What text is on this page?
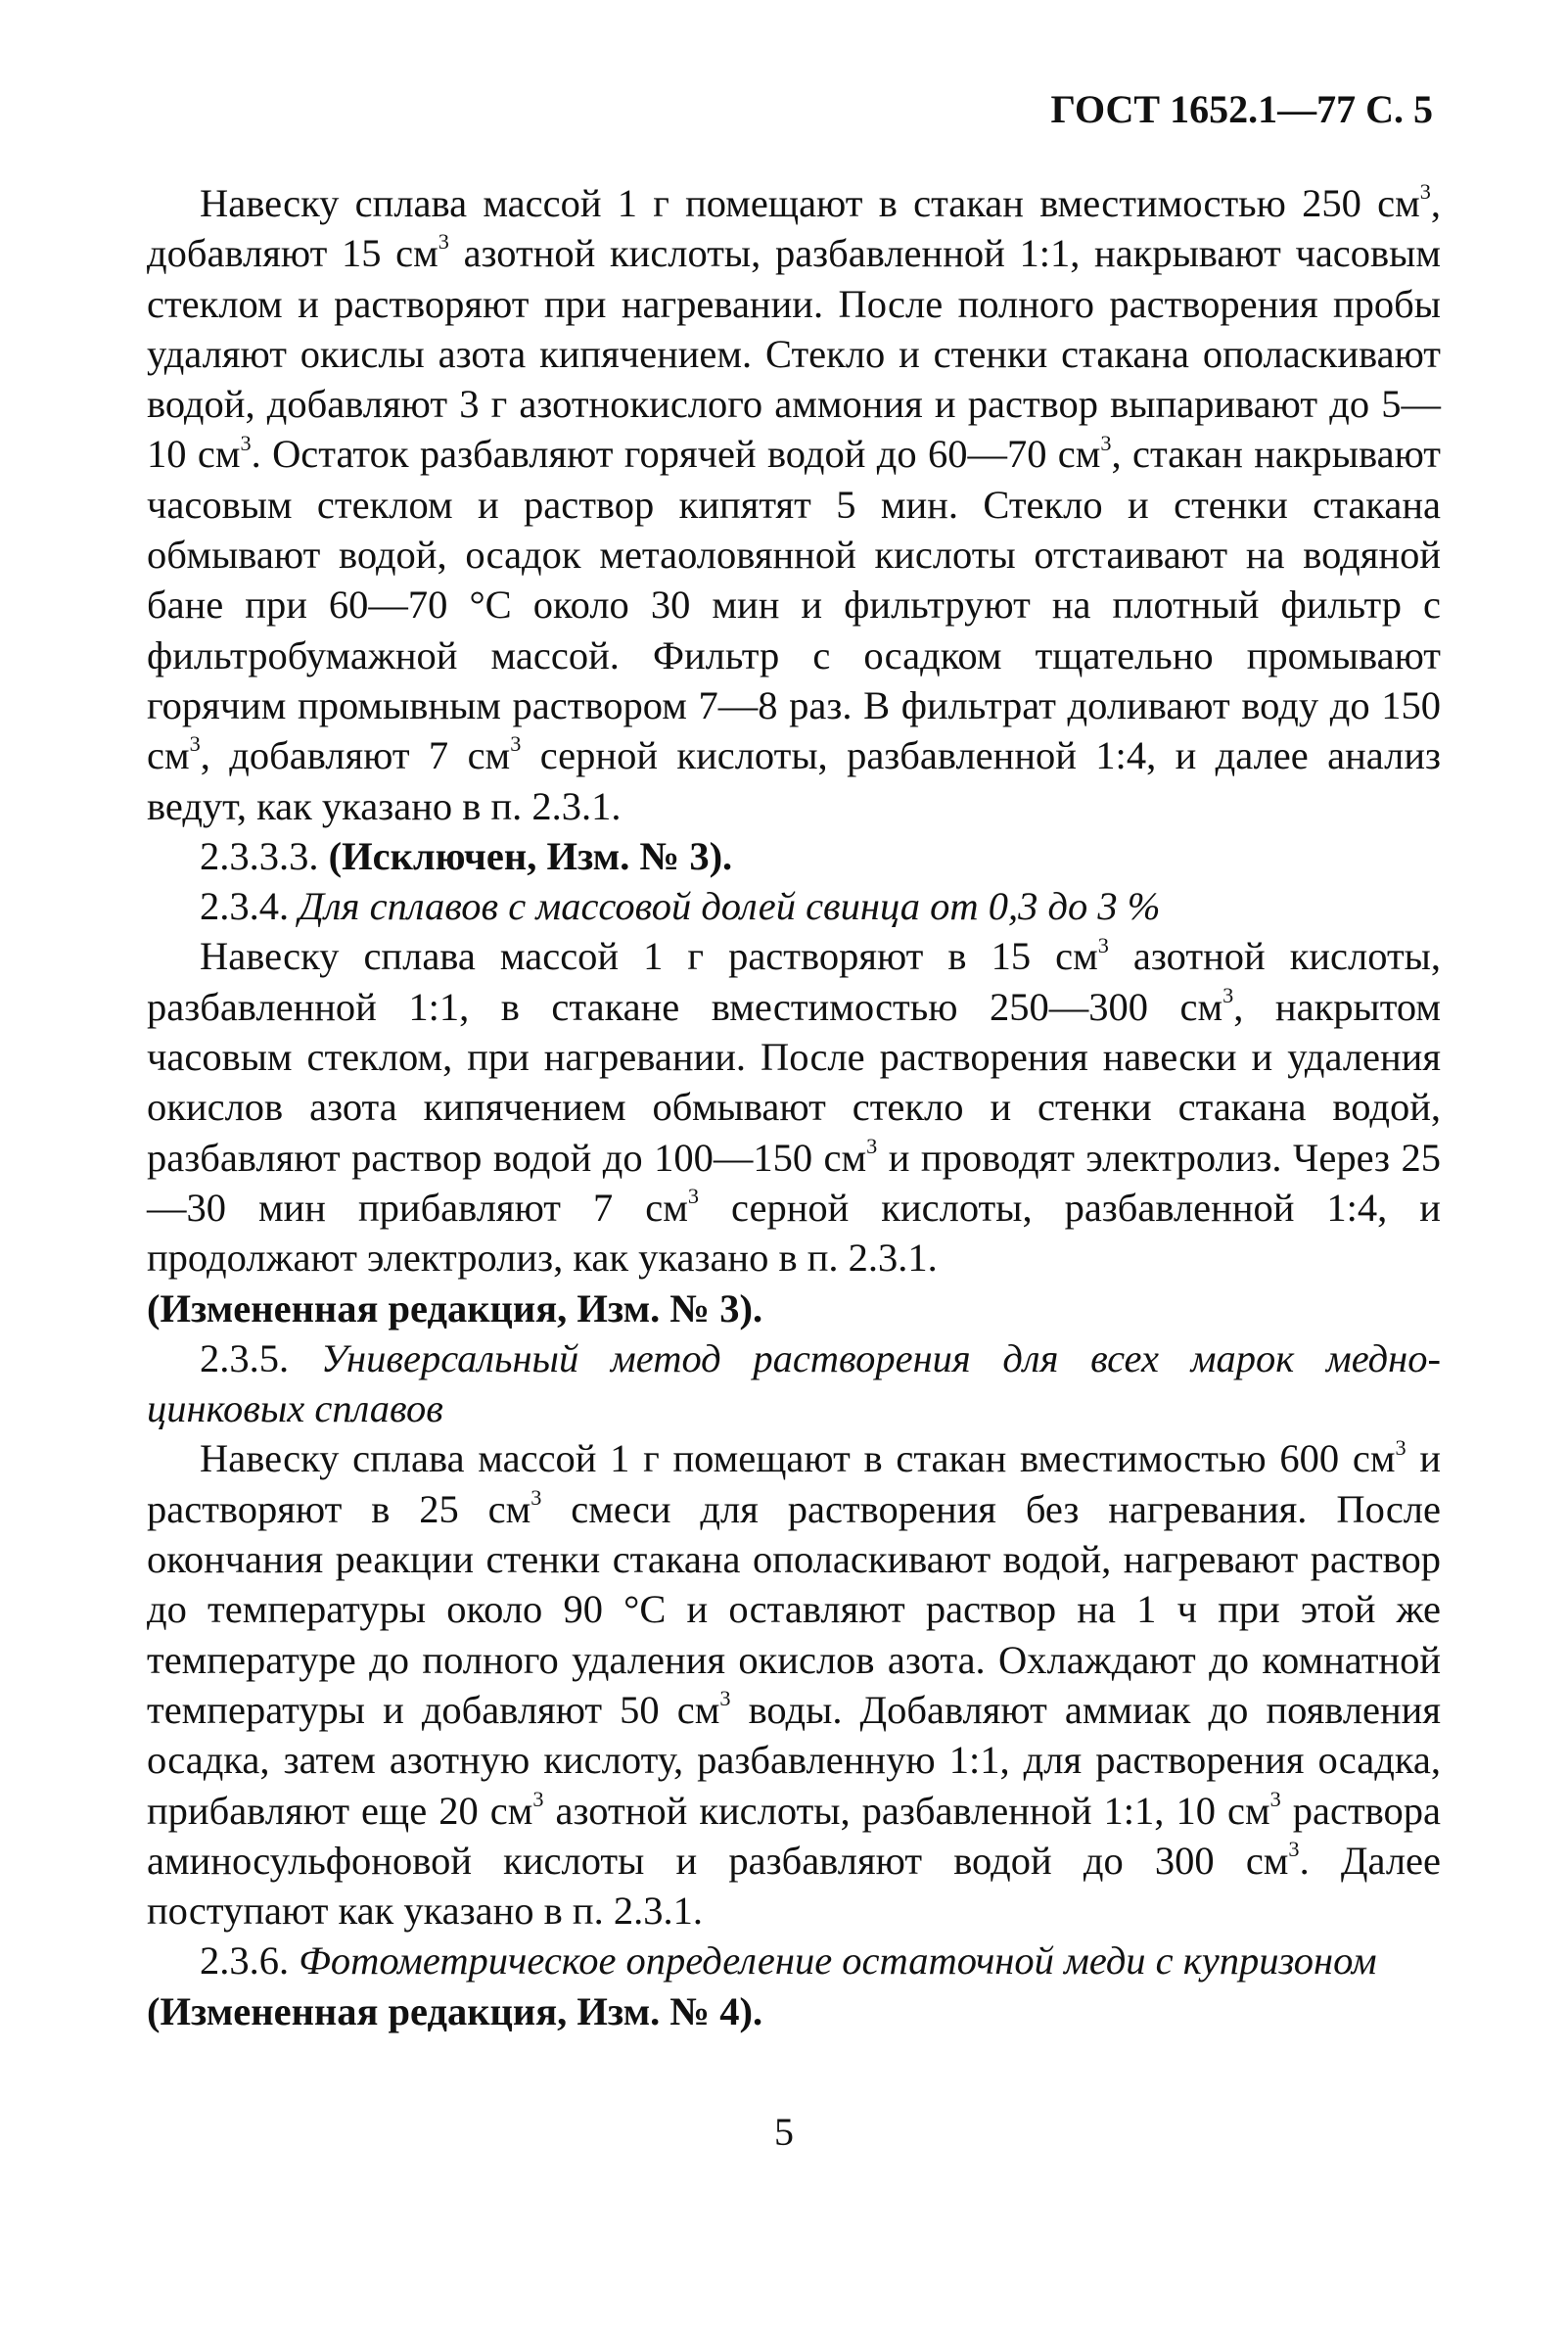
ГОСТ 1652.1—77 С. 5

Навеску сплава массой 1 г помещают в стакан вместимостью 250 $см^3$, добавляют 15 $см^3$ азотной кислоты, разбавленной 1:1, накрывают часовым стеклом и растворяют при нагревании. После полного растворения пробы удаляют окислы азота кипячением. Стекло и стенки стакана ополаскивают водой, добавляют 3 г азотнокислого аммония и раствор выпаривают до 5—10 $см^3$. Остаток разбавляют горячей водой до 60—70 $см^3$, стакан накрывают часовым стеклом и раствор кипятят 5 мин. Стекло и стенки стакана обмывают водой, осадок метаоловянной кислоты отстаивают на водяной бане при 60—70 °С около 30 мин и фильтруют на плотный фильтр с фильтробумажной массой. Фильтр с осадком тщательно промывают горячим промывным раствором 7—8 раз. В фильтрат доливают воду до 150 $см^3$, добавляют 7 $см^3$ серной кислоты, разбавленной 1:4, и далее анализ ведут, как указано в п. 2.3.1.

2.3.3.3. (Исключен, Изм. № 3).

2.3.4. Для сплавов с массовой долей свинца от 0,3 до 3 %

Навеску сплава массой 1 г растворяют в 15 $см^3$ азотной кислоты, разбавленной 1:1, в стакане вместимостью 250—300 $см^3$, накрытом часовым стеклом, при нагревании. После растворения навески и удаления окислов азота кипячением обмывают стекло и стенки стакана водой, разбавляют раствор водой до 100—150 $см^3$ и проводят электролиз. Через 25—30 мин прибавляют 7 $см^3$ серной кислоты, разбавленной 1:4, и продолжают электролиз, как указано в п. 2.3.1.

(Измененная редакция, Изм. № 3).

2.3.5. Универсальный метод растворения для всех марок медно-цинковых сплавов

Навеску сплава массой 1 г помещают в стакан вместимостью 600 $см^3$ и растворяют в 25 $см^3$ смеси для растворения без нагревания. После окончания реакции стенки стакана ополаскивают водой, нагревают раствор до температуры около 90 °С и оставляют раствор на 1 ч при этой же температуре до полного удаления окислов азота. Охлаждают до комнатной температуры и добавляют 50 $см^3$ воды. Добавляют аммиак до появления осадка, затем азотную кислоту, разбавленную 1:1, для растворения осадка, прибавляют еще 20 $см^3$ азотной кислоты, разбавленной 1:1, 10 $см^3$ раствора аминосульфоновой кислоты и разбавляют водой до 300 $см^3$. Далее поступают как указано в п. 2.3.1.

2.3.6. Фотометрическое определение остаточной меди с купризоном

(Измененная редакция, Изм. № 4).

5
